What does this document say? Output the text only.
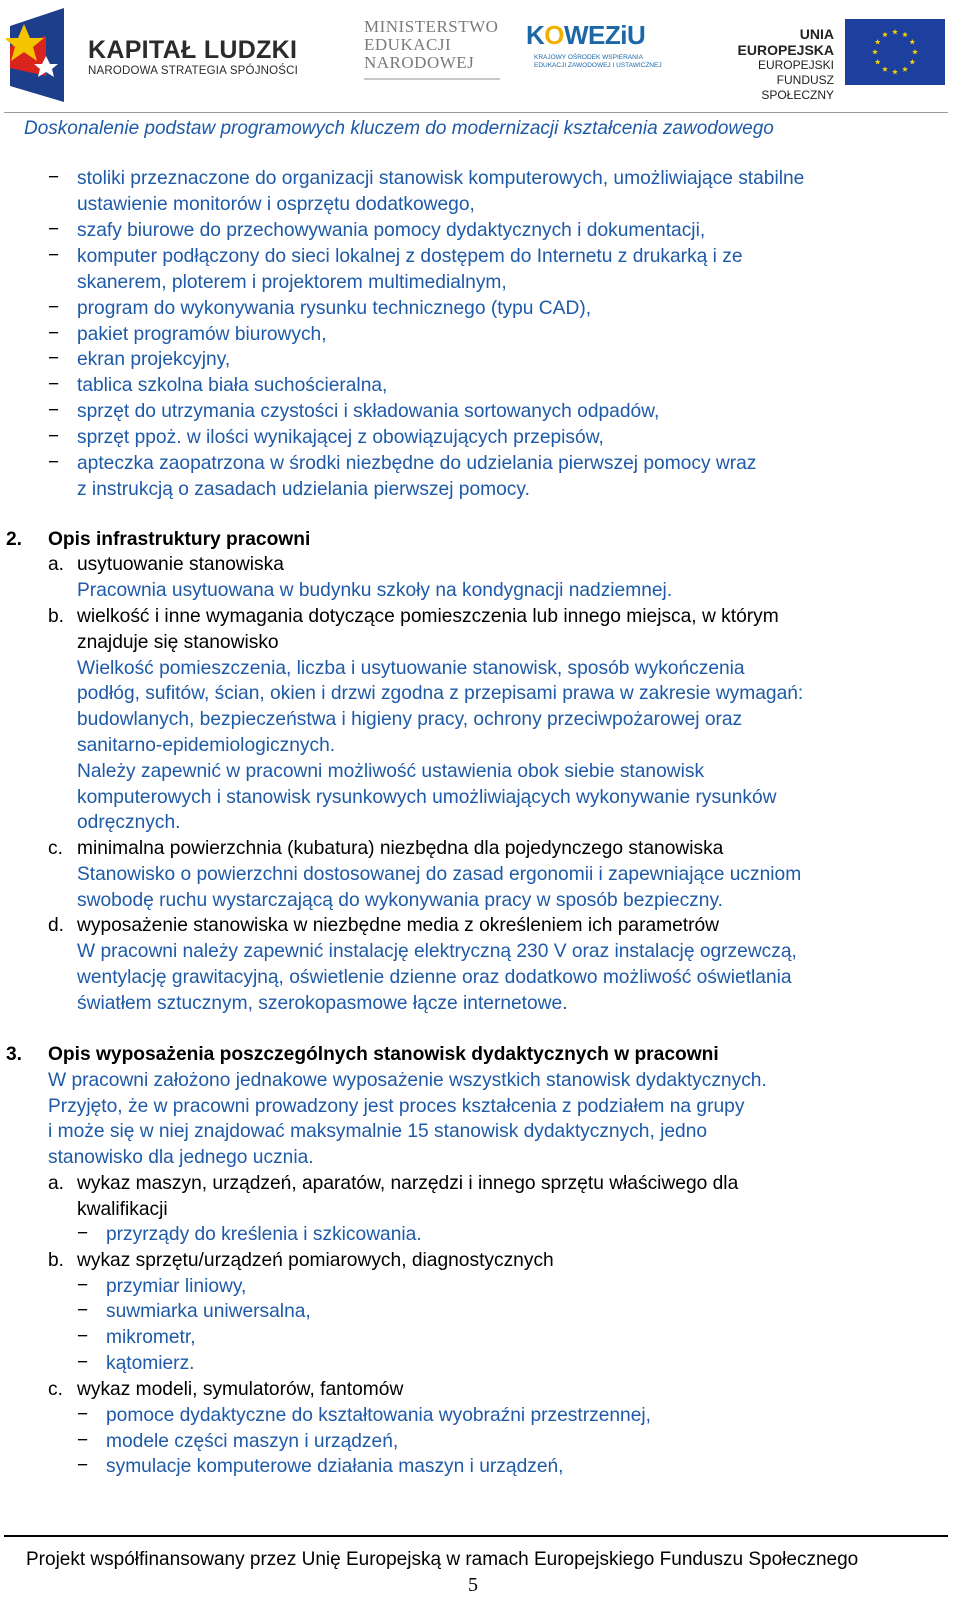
KAPITAŁ LUDZKI
NARODOWA STRATEGIA SPÓJNOŚCI
MINISTERSTWO
EDUKACJI
NARODOWEJ
KOWEZiU
KRAJOWY OŚRODEK WSPIERANIA
EDUKACJI ZAWODOWEJ I USTAWICZNEJ
UNIA EUROPEJSKA
EUROPEJSKI
FUNDUSZ SPOŁECZNY
Doskonalenie podstaw programowych kluczem do modernizacji kształcenia zawodowego
− stoliki przeznaczone do organizacji stanowisk komputerowych, umożliwiające stabilne
ustawienie monitorów i osprzętu dodatkowego,
− szafy biurowe do przechowywania pomocy dydaktycznych i dokumentacji,
− komputer podłączony do sieci lokalnej z dostępem do Internetu z drukarką i ze
skanerem, ploterem i projektorem multimedialnym,
− program do wykonywania rysunku technicznego (typu CAD),
− pakiet programów biurowych,
− ekran projekcyjny,
− tablica szkolna biała suchościeralna,
− sprzęt do utrzymania czystości i składowania sortowanych odpadów,
− sprzęt ppoż. w ilości wynikającej z obowiązujących przepisów,
− apteczka zaopatrzona w środki niezbędne do udzielania pierwszej pomocy wraz
z instrukcją o zasadach udzielania pierwszej pomocy.
2. Opis infrastruktury pracowni
a. usytuowanie stanowiska
Pracownia usytuowana w budynku szkoły na kondygnacji nadziemnej.
b. wielkość i inne wymagania dotyczące pomieszczenia lub innego miejsca, w którym
znajduje się stanowisko
Wielkość pomieszczenia, liczba i usytuowanie stanowisk, sposób wykończenia
podłóg, sufitów, ścian, okien i drzwi zgodna z przepisami prawa w zakresie wymagań:
budowlanych, bezpieczeństwa i higieny pracy, ochrony przeciwpożarowej oraz
sanitarno-epidemiologicznych.
Należy zapewnić w pracowni możliwość ustawienia obok siebie stanowisk
komputerowych i stanowisk rysunkowych umożliwiających wykonywanie rysunków
odręcznych.
c. minimalna powierzchnia (kubatura) niezbędna dla pojedynczego stanowiska
Stanowisko o powierzchni dostosowanej do zasad ergonomii i zapewniające uczniom
swobodę ruchu wystarczającą do wykonywania pracy w sposób bezpieczny.
d. wyposażenie stanowiska w niezbędne media z określeniem ich parametrów
W pracowni należy zapewnić instalację elektryczną 230 V oraz instalację ogrzewczą,
wentylację grawitacyjną, oświetlenie dzienne oraz dodatkowo możliwość oświetlania
światłem sztucznym, szerokopasmowe łącze internetowe.
3. Opis wyposażenia poszczególnych stanowisk dydaktycznych w pracowni
W pracowni założono jednakowe wyposażenie wszystkich stanowisk dydaktycznych.
Przyjęto, że w pracowni prowadzony jest proces kształcenia z podziałem na grupy
i może się w niej znajdować maksymalnie 15 stanowisk dydaktycznych, jedno
stanowisko dla jednego ucznia.
a. wykaz maszyn, urządzeń, aparatów, narzędzi i innego sprzętu właściwego dla
kwalifikacji
− przyrządy do kreślenia i szkicowania.
b. wykaz sprzętu/urządzeń pomiarowych, diagnostycznych
− przymiar liniowy,
− suwmiarka uniwersalna,
− mikrometr,
− kątomierz.
c. wykaz modeli, symulatorów, fantomów
− pomoce dydaktyczne do kształtowania wyobraźni przestrzennej,
− modele części maszyn i urządzeń,
− symulacje komputerowe działania maszyn i urządzeń,
Projekt współfinansowany przez Unię Europejską w ramach Europejskiego Funduszu Społecznego
5
